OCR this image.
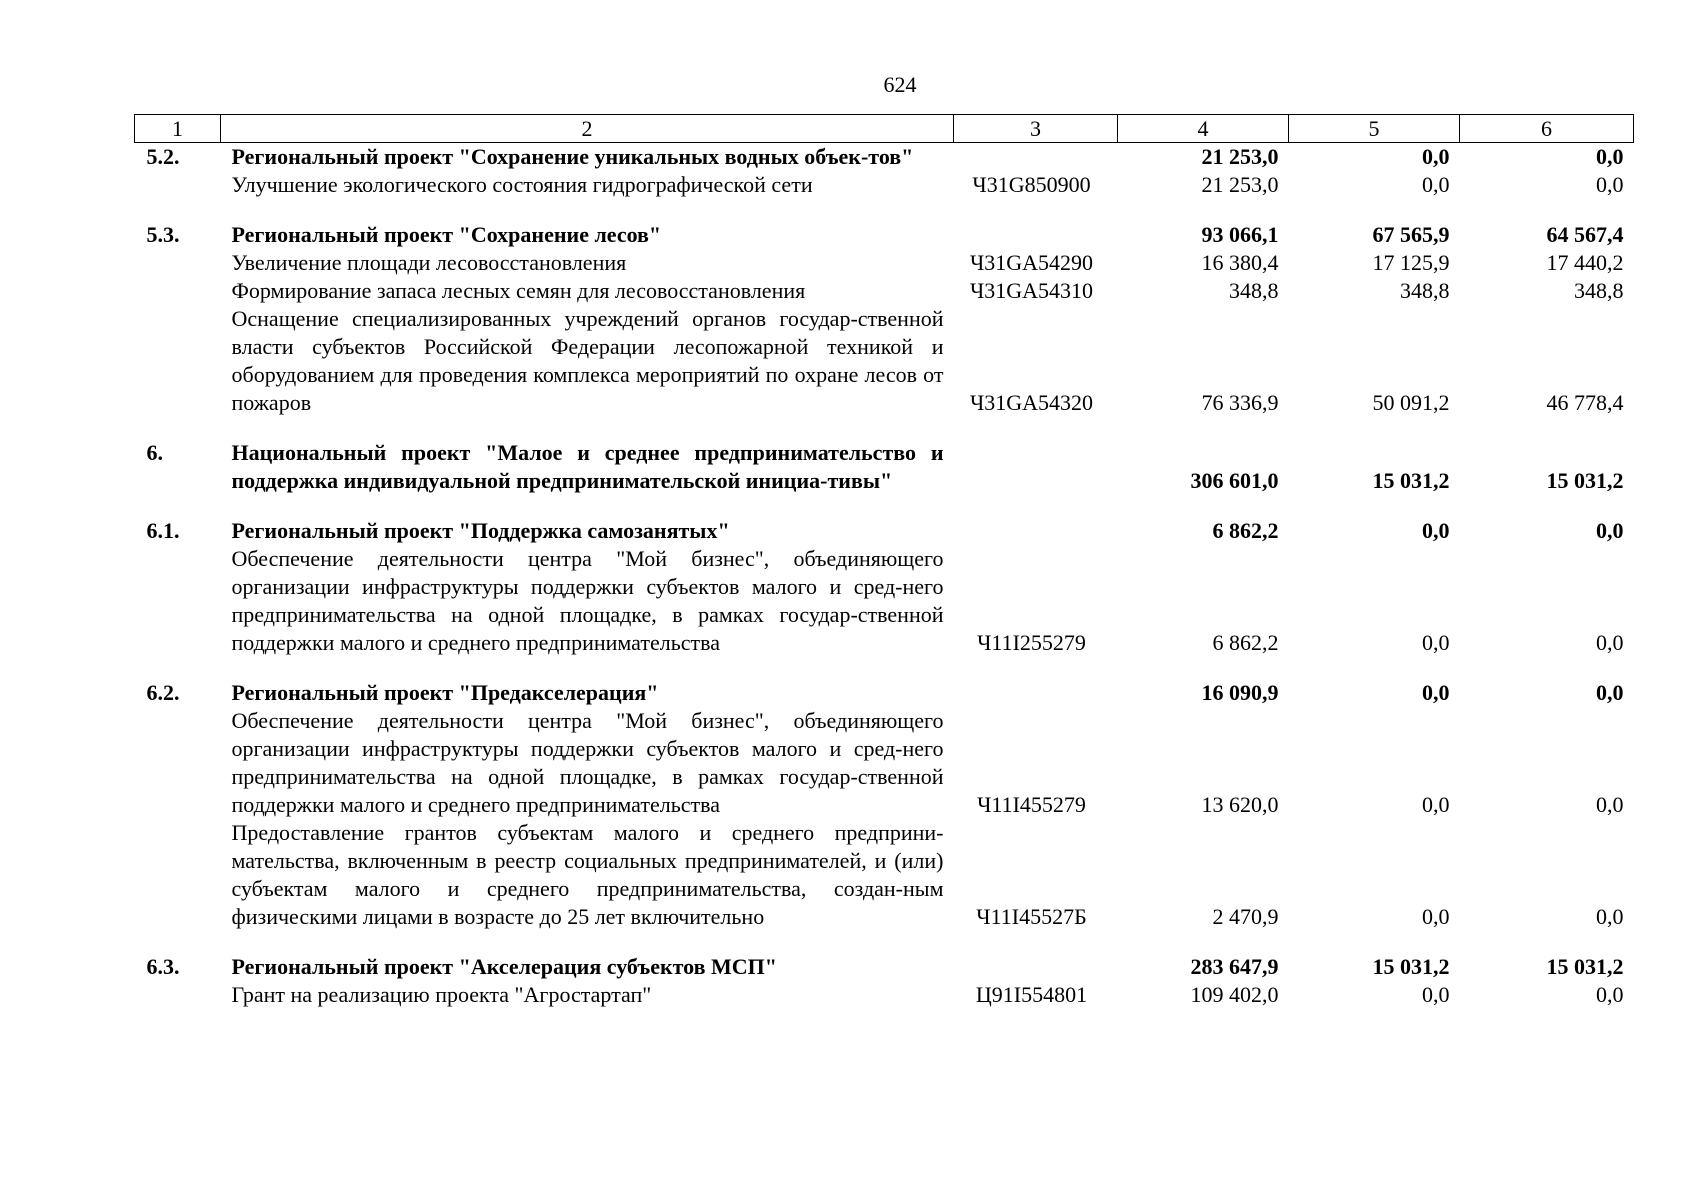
624
1	2	3	4	5	6
5.2.	Региональный проект "Сохранение уникальных водных объек-тов"		21 253,0	0,0	0,0
	Улучшение экологического состояния гидрографической сети	Ч31G850900	21 253,0	0,0	0,0

5.3.	Региональный проект "Сохранение лесов"		93 066,1	67 565,9	64 567,4
	Увеличение площади лесовосстановления	Ч31GA54290	16 380,4	17 125,9	17 440,2
	Формирование запаса лесных семян для лесовосстановления	Ч31GA54310	348,8	348,8	348,8
	Оснащение специализированных учреждений органов государ-ственной власти субъектов Российской Федерации лесопожарной техникой и оборудованием для проведения комплекса мероприятий по охране лесов от пожаров	Ч31GA54320	76 336,9	50 091,2	46 778,4

6.	Национальный проект "Малое и среднее предпринимательство и поддержка индивидуальной предпринимательской инициа-тивы"		306 601,0	15 031,2	15 031,2

6.1.	Региональный проект "Поддержка самозанятых"		6 862,2	0,0	0,0
	Обеспечение деятельности центра "Мой бизнес", объединяющего организации инфраструктуры поддержки субъектов малого и сред-него предпринимательства на одной площадке, в рамках государ-ственной поддержки малого и среднего предпринимательства	Ч11I255279	6 862,2	0,0	0,0

6.2.	Региональный проект "Предакселерация"		16 090,9	0,0	0,0
	Обеспечение деятельности центра "Мой бизнес", объединяющего организации инфраструктуры поддержки субъектов малого и сред-него предпринимательства на одной площадке, в рамках государ-ственной поддержки малого и среднего предпринимательства	Ч11I455279	13 620,0	0,0	0,0
	Предоставление грантов субъектам малого и среднего предприни-мательства, включенным в реестр социальных предпринимателей, и (или) субъектам малого и среднего предпринимательства, создан-ным физическими лицами в возрасте до 25 лет включительно	Ч11I45527Б	2 470,9	0,0	0,0

6.3.	Региональный проект "Акселерация субъектов МСП"		283 647,9	15 031,2	15 031,2
	Грант на реализацию проекта "Агростартап"	Ц91I554801	109 402,0	0,0	0,0
